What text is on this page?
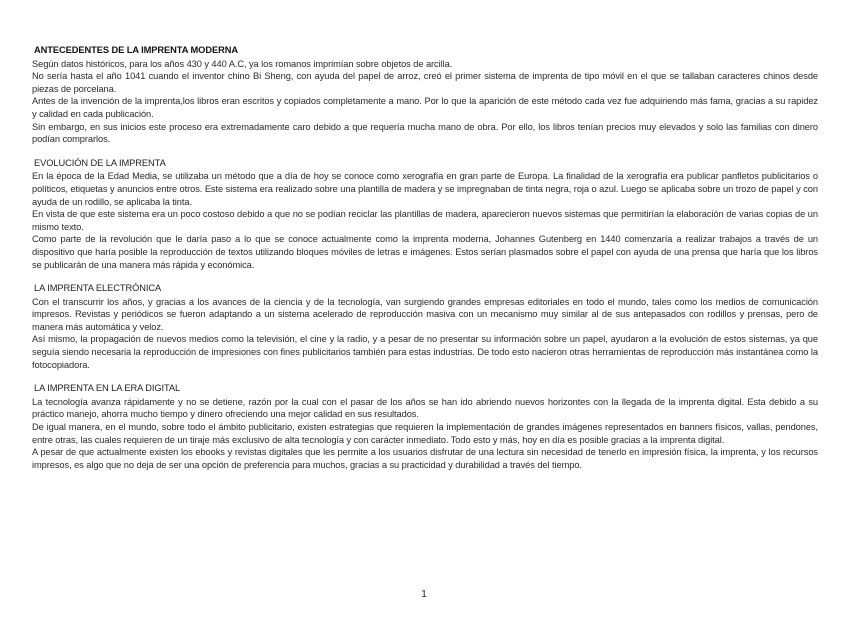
ANTECEDENTES DE LA IMPRENTA MODERNA

Según datos históricos, para los años 430 y 440 A.C, ya los romanos imprimían sobre objetos de arcilla.

No sería hasta el año 1041 cuando el inventor chino Bi Sheng, con ayuda del papel de arroz, creó el primer sistema de imprenta de tipo móvil en el que se tallaban caracteres chinos desde piezas de porcelana.

Antes de la invención de la imprenta,los libros eran escritos y copiados completamente a mano. Por lo que la aparición de este método cada vez fue adquiriendo más fama, gracias a su rapidez y calidad en cada publicación.

Sin embargo, en sus inicios este proceso era extremadamente caro debido a que requería mucha mano de obra. Por ello, los libros tenían precios muy elevados y solo las familias con dinero podían comprarlos.

EVOLUCIÓN DE LA IMPRENTA

En la época de la Edad Media, se utilizaba un método que a día de hoy se conoce como xerografía en gran parte de Europa. La finalidad de la xerografía era publicar panfletos publicitarios o políticos, etiquetas y anuncios entre otros. Este sistema era realizado sobre una plantilla de madera y se impregnaban de tinta negra, roja o azul. Luego se aplicaba sobre un trozo de papel y con ayuda de un rodillo, se aplicaba la tinta.

En vista de que este sistema era un poco costoso debido a que no se podían reciclar las plantillas de madera, aparecieron nuevos sistemas que permitirían la elaboración de varias copias de un mismo texto.

Como parte de la revolución que le daría paso a lo que se conoce actualmente como la imprenta moderna, Johannes Gutenberg en 1440 comenzaría a realizar trabajos a través de un dispositivo que haría posible la reproducción de textos utilizando bloques móviles de letras e imágenes. Estos serían plasmados sobre el papel con ayuda de una prensa que haría que los libros se publicarán de una manera más rápida y económica.

LA IMPRENTA ELECTRÓNICA

Con el transcurrir los años, y gracias a los avances de la ciencia y de la tecnología, van surgiendo grandes empresas editoriales en todo el mundo, tales como los medios de comunicación impresos. Revistas y periódicos se fueron adaptando a un sistema acelerado de reproducción masiva con un mecanismo muy similar al de sus antepasados con rodillos y prensas, pero de manera más automática y veloz.

Así mismo, la propagación de nuevos medios como la televisión, el cine y la radio, y a pesar de no presentar su información sobre un papel, ayudaron a la evolución de estos sistemas, ya que seguía siendo necesaria la reproducción de impresiones con fines publicitarios también para estas industrias. De todo esto nacieron otras herramientas de reproducción más instantánea como la fotocopiadora.

LA IMPRENTA EN LA ERA DIGITAL

La tecnología avanza rápidamente y no se detiene, razón por la cual con el pasar de los años se han ido abriendo nuevos horizontes con la llegada de la imprenta digital. Esta debido a su práctico manejo, ahorra mucho tiempo y dinero ofreciendo una mejor calidad en sus resultados.

De igual manera, en el mundo, sobre todo el ámbito publicitario, existen estrategias que requieren la implementación de grandes imágenes representados en banners físicos, vallas, pendones, entre otras, las cuales requieren de un tiraje más exclusivo de alta tecnología y con carácter inmediato. Todo esto y más, hoy en día es posible gracias a la imprenta digital.

A pesar de que actualmente existen los ebooks y revistas digitales que les permite a los usuarios disfrutar de una lectura sin necesidad de tenerlo en impresión física, la imprenta, y los recursos impresos, es algo que no deja de ser una opción de preferencia para muchos, gracias a su practicidad y durabilidad a través del tiempo.

1
